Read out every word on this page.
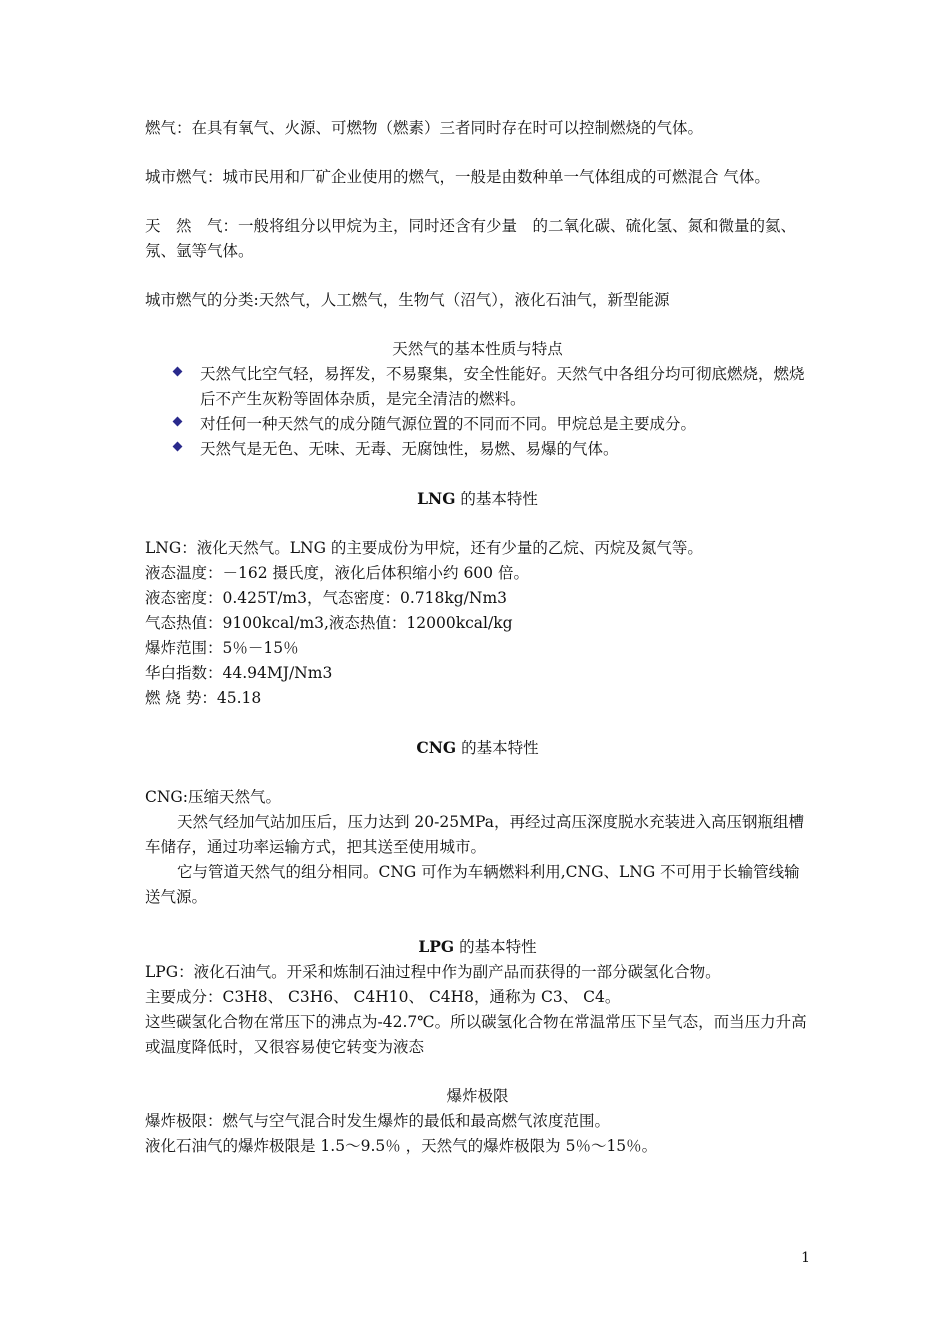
燃气：在具有氧气、火源、可燃物（燃素）三者同时存在时可以控制燃烧的气体。

城市燃气：城市民用和厂矿企业使用的燃气，一般是由数种单一气体组成的可燃混合 气体。

天　然　气：一般将组分以甲烷为主，同时还含有少量　的二氧化碳、硫化氢、氮和微量的氦、氖、氩等气体。

城市燃气的分类:天然气，人工燃气，生物气（沼气），液化石油气，新型能源

天然气的基本性质与特点

天然气比空气轻，易挥发，不易聚集，安全性能好。天然气中各组分均可彻底燃烧，燃烧后不产生灰粉等固体杂质，是完全清洁的燃料。
对任何一种天然气的成分随气源位置的不同而不同。甲烷总是主要成分。
天然气是无色、无味、无毒、无腐蚀性，易燃、易爆的气体。

LNG 的基本特性

LNG：液化天然气。LNG 的主要成份为甲烷，还有少量的乙烷、丙烷及氮气等。

液态温度：－162 摄氏度，液化后体积缩小约 600 倍。

液态密度：0.425T/m3，气态密度：0.718kg/Nm3

气态热值：9100kcal/m3,液态热值：12000kcal/kg

爆炸范围：5％－15％

华白指数：44.94MJ/Nm3

燃 烧 势：45.18

CNG 的基本特性

CNG:压缩天然气。

天然气经加气站加压后，压力达到 20-25MPa，再经过高压深度脱水充装进入高压钢瓶组槽车储存，通过功率运输方式，把其送至使用城市。

它与管道天然气的组分相同。CNG 可作为车辆燃料利用,CNG、LNG 不可用于长输管线输送气源。

LPG 的基本特性

LPG：液化石油气。开采和炼制石油过程中作为副产品而获得的一部分碳氢化合物。

主要成分：C3H8、 C3H6、 C4H10、 C4H8，通称为 C3、 C4。

这些碳氢化合物在常压下的沸点为-42.7℃。所以碳氢化合物在常温常压下呈气态，而当压力升高或温度降低时，又很容易使它转变为液态

爆炸极限

爆炸极限：燃气与空气混合时发生爆炸的最低和最高燃气浓度范围。

液化石油气的爆炸极限是 1.5～9.5％ ，天然气的爆炸极限为 5％～15％。

1
